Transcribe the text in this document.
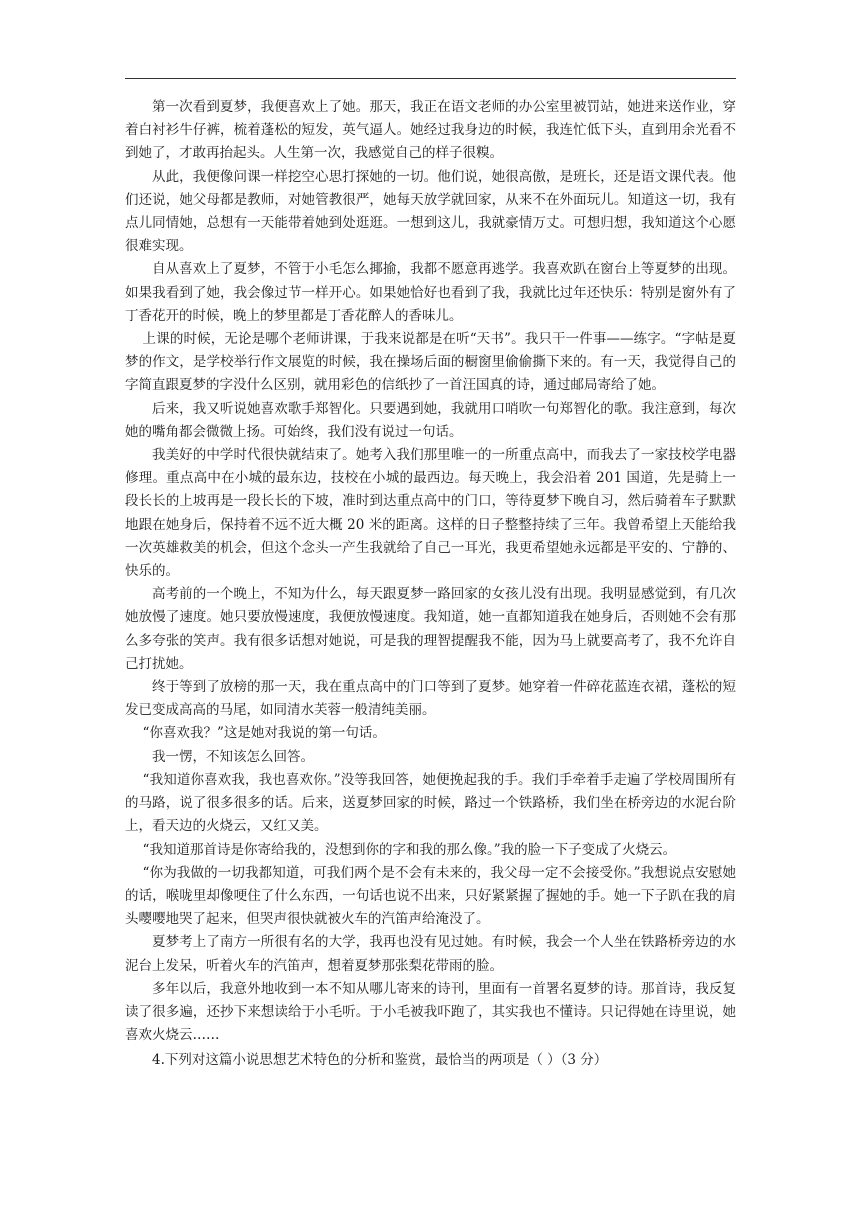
第一次看到夏梦，我便喜欢上了她。那天，我正在语文老师的办公室里被罚站，她进来送作业，穿着白衬衫牛仔裤，梳着蓬松的短发，英气逼人。她经过我身边的时候，我连忙低下头，直到用余光看不到她了，才敢再抬起头。人生第一次，我感觉自己的样子很糗。

从此，我便像问课一样挖空心思打探她的一切。他们说，她很高傲，是班长，还是语文课代表。他们还说，她父母都是教师，对她管教很严，她每天放学就回家，从来不在外面玩儿。知道这一切，我有点儿同情她，总想有一天能带着她到处逛逛。一想到这儿，我就豪情万丈。可想归想，我知道这个心愿很难实现。

自从喜欢上了夏梦，不管于小毛怎么揶揄，我都不愿意再逃学。我喜欢趴在窗台上等夏梦的出现。如果我看到了她，我会像过节一样开心。如果她恰好也看到了我，我就比过年还快乐：特别是窗外有了丁香花开的时候，晚上的梦里都是丁香花醉人的香味儿。

上课的时候，无论是哪个老师讲课，于我来说都是在听“天书”。我只干一件事——练字。“字帖是夏梦的作文，是学校举行作文展览的时候，我在操场后面的橱窗里偷偷撕下来的。有一天，我觉得自己的字简直跟夏梦的字没什么区别，就用彩色的信纸抄了一首汪国真的诗，通过邮局寄给了她。

后来，我又听说她喜欢歌手郑智化。只要遇到她，我就用口哨吹一句郑智化的歌。我注意到，每次她的嘴角都会微微上扬。可始终，我们没有说过一句话。

我美好的中学时代很快就结束了。她考入我们那里唯一的一所重点高中，而我去了一家技校学电器修理。重点高中在小城的最东边，技校在小城的最西边。每天晚上，我会沿着 201 国道，先是骑上一段长长的上坡再是一段长长的下坡，准时到达重点高中的门口，等待夏梦下晚自习，然后骑着车子默默地跟在她身后，保持着不远不近大概 20 米的距离。这样的日子整整持续了三年。我曾希望上天能给我一次英雄救美的机会，但这个念头一产生我就给了自己一耳光，我更希望她永远都是平安的、宁静的、快乐的。

高考前的一个晚上，不知为什么，每天跟夏梦一路回家的女孩儿没有出现。我明显感觉到，有几次她放慢了速度。她只要放慢速度，我便放慢速度。我知道，她一直都知道我在她身后，否则她不会有那么多夸张的笑声。我有很多话想对她说，可是我的理智提醒我不能，因为马上就要高考了，我不允许自己打扰她。

终于等到了放榜的那一天，我在重点高中的门口等到了夏梦。她穿着一件碎花蓝连衣裙，蓬松的短发已变成高高的马尾，如同清水芙蓉一般清纯美丽。

“你喜欢我？”这是她对我说的第一句话。

我一愣，不知该怎么回答。

“我知道你喜欢我，我也喜欢你。”没等我回答，她便挽起我的手。我们手牵着手走遍了学校周围所有的马路，说了很多很多的话。后来，送夏梦回家的时候，路过一个铁路桥，我们坐在桥旁边的水泥台阶上，看天边的火烧云，又红又美。

“我知道那首诗是你寄给我的，没想到你的字和我的那么像。”我的脸一下子变成了火烧云。

“你为我做的一切我都知道，可我们两个是不会有未来的，我父母一定不会接受你。”我想说点安慰她的话，喉咙里却像哽住了什么东西，一句话也说不出来，只好紧紧握了握她的手。她一下子趴在我的肩头嘤嘤地哭了起来，但哭声很快就被火车的汽笛声给淹没了。

夏梦考上了南方一所很有名的大学，我再也没有见过她。有时候，我会一个人坐在铁路桥旁边的水泥台上发呆，听着火车的汽笛声，想着夏梦那张梨花带雨的脸。

多年以后，我意外地收到一本不知从哪儿寄来的诗刊，里面有一首署名夏梦的诗。那首诗，我反复读了很多遍，还抄下来想读给于小毛听。于小毛被我吓跑了，其实我也不懂诗。只记得她在诗里说，她喜欢火烧云……

4.下列对这篇小说思想艺术特色的分析和鉴赏，最恰当的两项是（ ）（3 分）
